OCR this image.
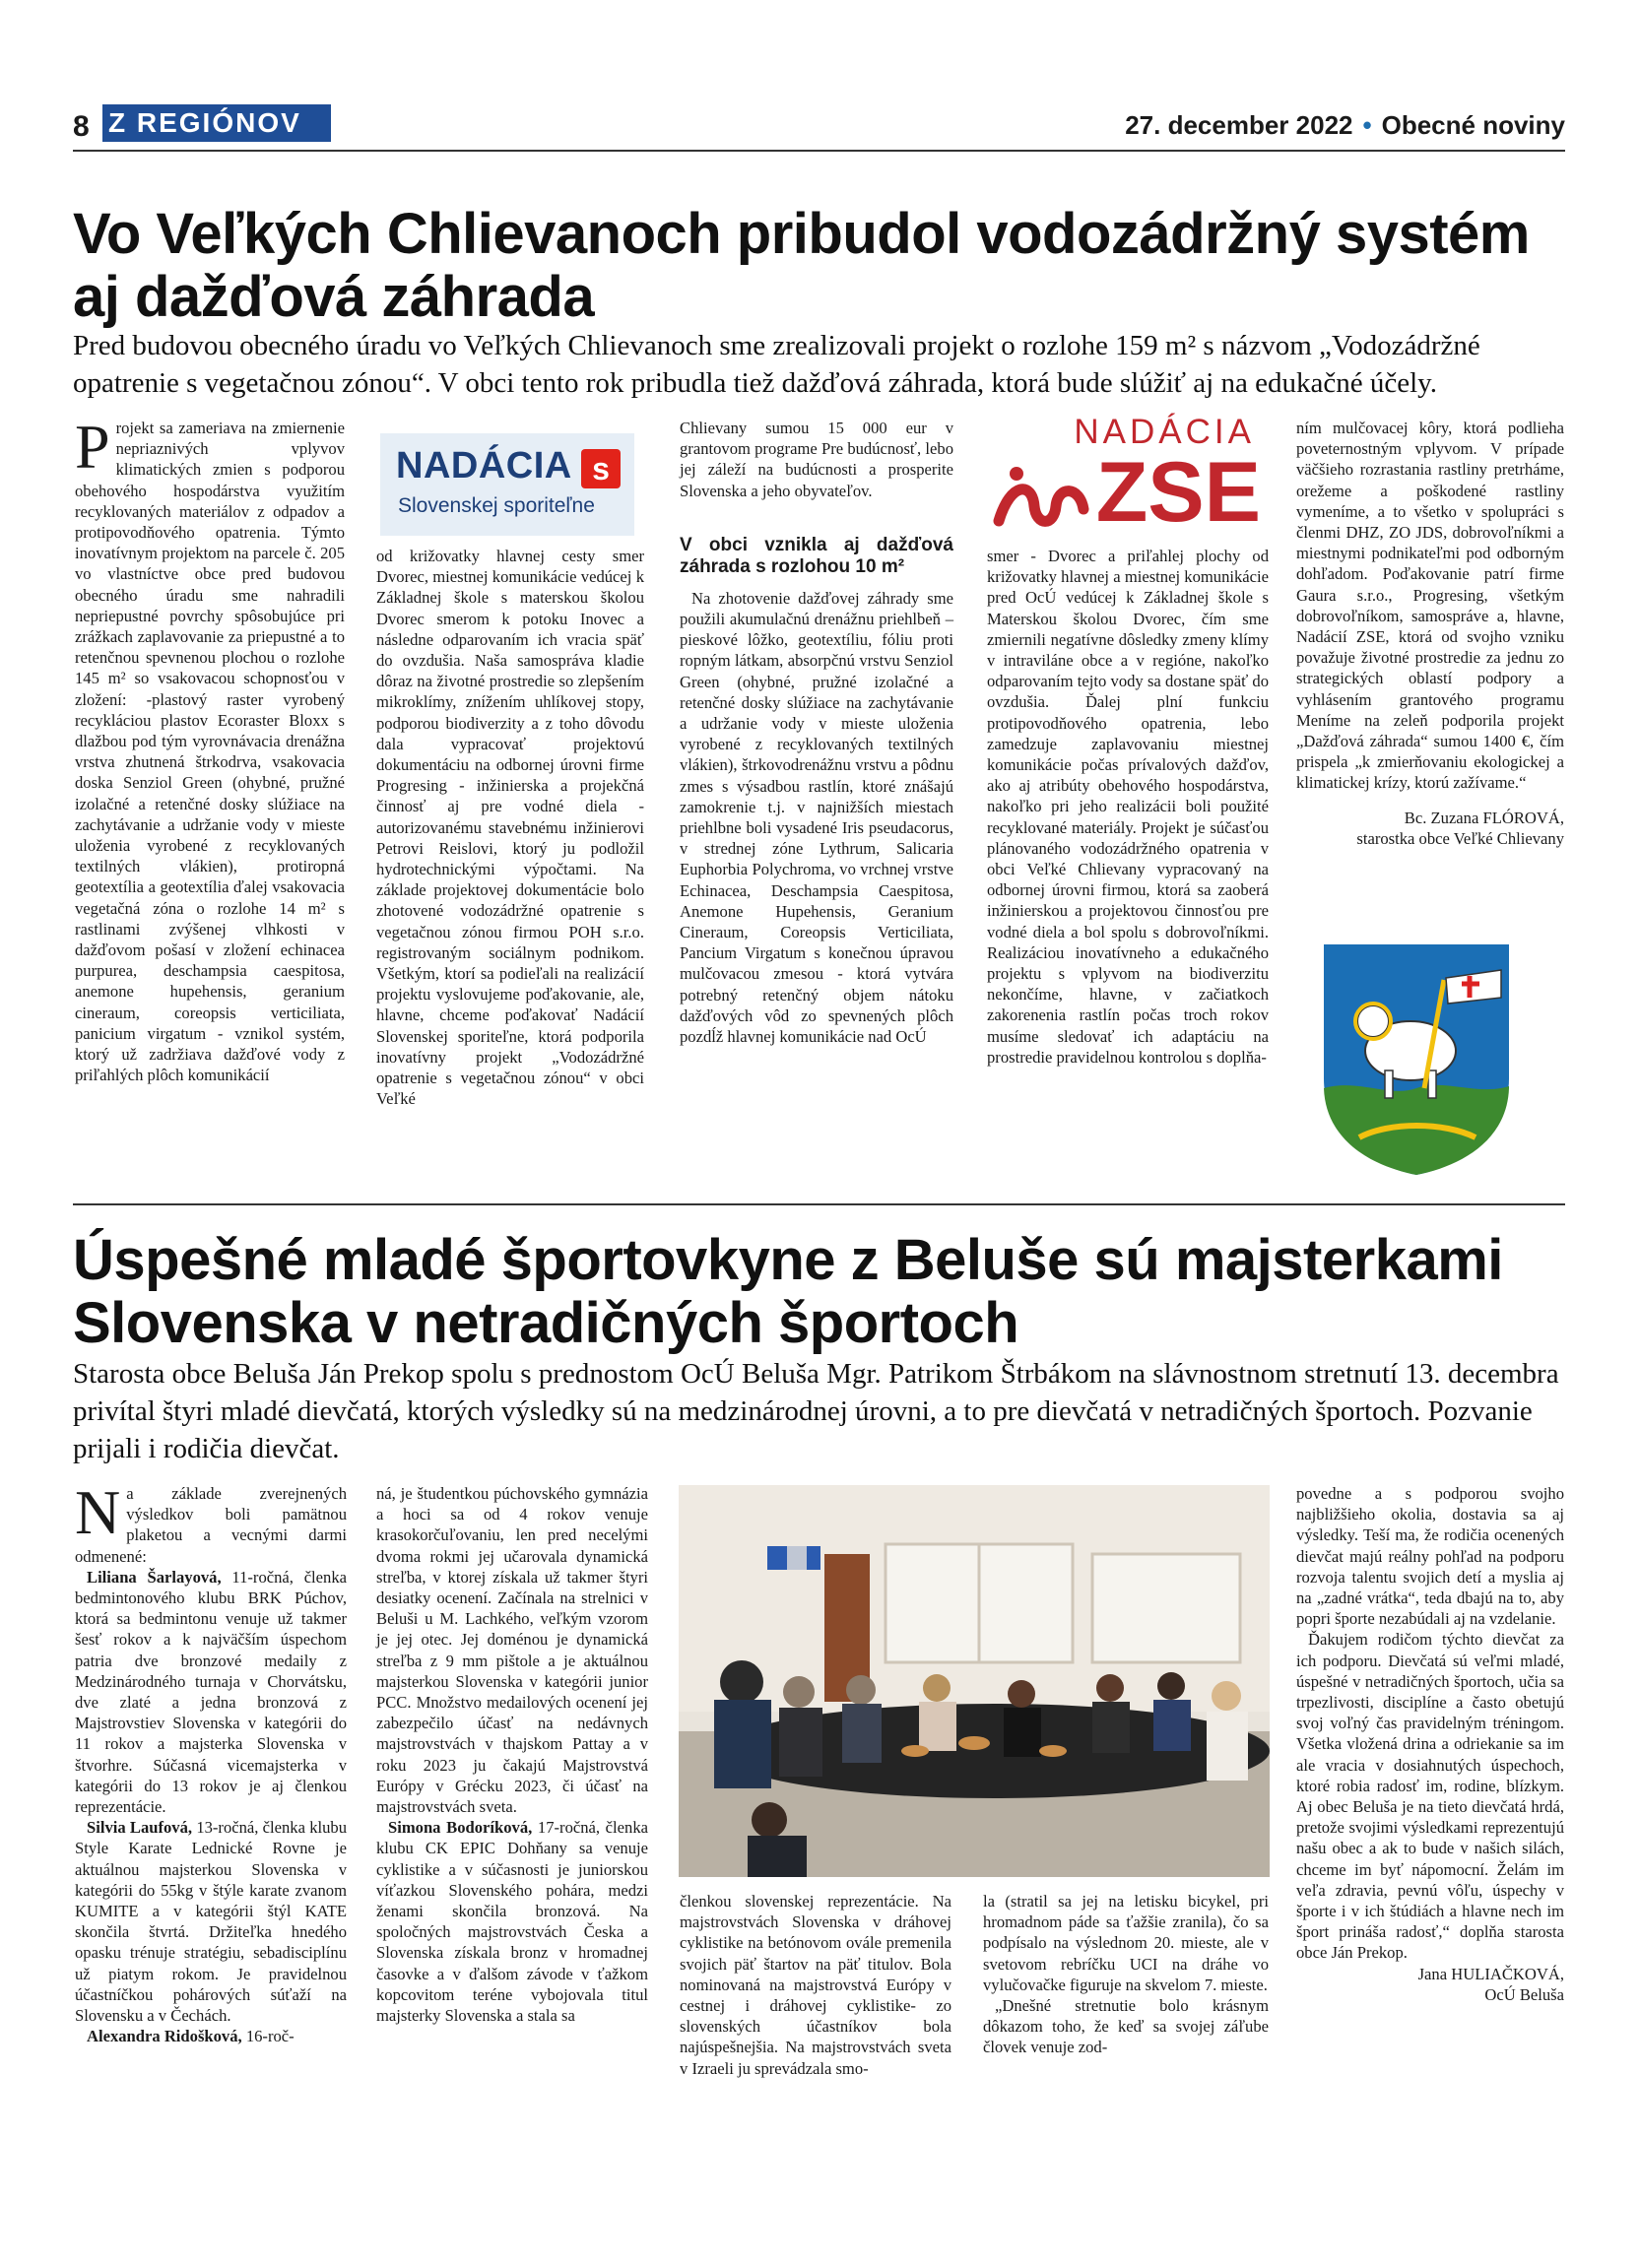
8 Z REGIÓNOV	27. december 2022 • Obecné noviny
Vo Veľkých Chlievanoch pribudol vodozádržný systém
aj dažďová záhrada

Pred budovou obecného úradu vo Veľkých Chlievanoch sme zrealizovali projekt o rozlohe 159 m² s názvom „Vodozádržné opatrenie s vegetačnou zónou“. V obci tento rok pribudla tiež dažďová záhrada, ktorá bude slúžiť aj na edukačné účely.

Projekt sa zameriava na zmiernenie nepriaznivých vplyvov klimatických zmien s podporou obehového hospodárstva využitím recyklovaných materiálov z odpadov a protipovodňového opatrenia. Týmto inovatívnym projektom na parcele č. 205 vo vlastníctve obce pred budovou obecného úradu sme nahradili nepriepustné povrchy spôsobujúce pri zrážkach zaplavovanie za priepustné a to retenčnou spevnenou plochou o rozlohe 145 m² so vsakovacou schopnosťou v zložení: -plastový raster vyrobený recykláciou plastov Ecoraster Bloxx s dlažbou pod tým vyrovnávacia drenážna vrstva zhutnená štrkodrva, vsakovacia doska Senziol Green (ohybné, pružné izolačné a retenčné dosky slúžiace na zachytávanie a udržanie vody v mieste uloženia vyrobené z recyklovaných textilných vlákien), protiropná geotextília a geotextília ďalej vsakovacia vegetačná zóna o rozlohe 14 m² s rastlinami zvýšenej vlhkosti v dažďovom pošasí v zložení echinacea purpurea, deschampsia caespitosa, anemone hupehensis, geranium cineraum, coreopsis verticiliata, panicium virgatum - vznikol systém, ktorý už zadržiava dažďové vody z priľahlých plôch komunikácií

NADÁCIA s
Slovenskej sporiteľne

od križovatky hlavnej cesty smer Dvorec, miestnej komunikácie vedúcej k Základnej škole s materskou školou Dvorec smerom k potoku Inovec a následne odparovaním ich vracia späť do ovzdušia. Naša samospráva kladie dôraz na životné prostredie so zlepšením mikroklímy, znížením uhlíkovej stopy, podporou biodiverzity a z toho dôvodu dala vypracovať projektovú dokumentáciu na odbornej úrovni firme Progresing - inžinierska a projekčná činnosť aj pre vodné diela - autorizovanému stavebnému inžinierovi Petrovi Reislovi, ktorý ju podložil hydrotechnickými výpočtami. Na základe projektovej dokumentácie bolo zhotovené vodozádržné opatrenie s vegetačnou zónou firmou POH s.r.o. registrovaným sociálnym podnikom. Všetkým, ktorí sa podieľali na realizácií projektu vyslovujeme poďakovanie, ale, hlavne, chceme poďakovať Nadácií Slovenskej sporiteľne, ktorá podporila inovatívny projekt „Vodozádržné opatrenie s vegetačnou zónou“ v obci Veľké

Chlievany sumou 15 000 eur v grantovom programe Pre budúcnosť, lebo jej záleží na budúcnosti a prosperite Slovenska a jeho obyvateľov.

V obci vznikla aj dažďová záhrada s rozlohou 10 m²

Na zhotovenie dažďovej záhrady sme použili akumulačnú drenážnu priehlbeň – pieskové lôžko, geotextíliu, fóliu proti ropným látkam, absorpčnú vrstvu Senziol Green (ohybné, pružné izolačné a retenčné dosky slúžiace na zachytávanie a udržanie vody v mieste uloženia vyrobené z recyklovaných textilných vlákien), štrkovodrenážnu vrstvu a pôdnu zmes s výsadbou rastlín, ktoré znášajú zamokrenie t.j. v najnižších miestach priehlbne boli vysadené Iris pseudacorus, v strednej zóne Lythrum, Salicaria Euphorbia Polychroma, vo vrchnej vrstve Echinacea, Deschampsia Caespitosa, Anemone Hupehensis, Geranium Cineraum, Coreopsis Verticiliata, Pancium Virgatum s konečnou úpravou mulčovacou zmesou - ktorá vytvára potrebný retenčný objem nátoku dažďových vôd zo spevnených plôch pozdĺž hlavnej komunikácie nad OcÚ

NADÁCIA
ZSE

smer - Dvorec a priľahlej plochy od križovatky hlavnej a miestnej komunikácie pred OcÚ vedúcej k Základnej škole s Materskou školou Dvorec, čím sme zmiernili negatívne dôsledky zmeny klímy v intraviláne obce a v regióne, nakoľko odparovaním tejto vody sa dostane späť do ovzdušia. Ďalej plní funkciu protipovodňového opatrenia, lebo zamedzuje zaplavovaniu miestnej komunikácie počas prívalových dažďov, ako aj atribúty obehového hospodárstva, nakoľko pri jeho realizácii boli použité recyklované materiály. Projekt je súčasťou plánovaného vodozádržného opatrenia v obci Veľké Chlievany vypracovaný na odbornej úrovni firmou, ktorá sa zaoberá inžinierskou a projektovou činnosťou pre vodné diela a bol spolu s dobrovoľníkmi. Realizáciou inovatívneho a edukačného projektu s vplyvom na biodiverzitu nekončíme, hlavne, v začiatkoch zakorenenia rastlín počas troch rokov musíme sledovať ich adaptáciu na prostredie pravidelnou kontrolou s doplňa-

ním mulčovacej kôry, ktorá podlieha poveternostným vplyvom. V prípade väčšieho rozrastania rastliny pretrháme, orežeme a poškodené rastliny vymeníme, a to všetko v spolupráci s členmi DHZ, ZO JDS, dobrovoľníkmi a miestnymi podnikateľmi pod odborným dohľadom. Poďakovanie patrí firme Gaura s.r.o., Progresing, všetkým dobrovoľníkom, samospráve a, hlavne, Nadácií ZSE, ktorá od svojho vzniku považuje životné prostredie za jednu zo strategických oblastí podpory a vyhlásením grantového programu Meníme na zeleň podporila projekt „Dažďová záhrada“ sumou 1400 €, čím prispela „k zmierňovaniu ekologickej a klimatickej krízy, ktorú zažívame.“

Bc. Zuzana FLÓROVÁ,
starostka obce Veľké Chlievany
Úspešné mladé športovkyne z Beluše sú majsterkami
Slovenska v netradičných športoch

Starosta obce Beluša Ján Prekop spolu s prednostom OcÚ Beluša Mgr. Patrikom Štrbákom na slávnostnom stretnutí 13. decembra privítal štyri mladé dievčatá, ktorých výsledky sú na medzinárodnej úrovni, a to pre dievčatá v netradičných športoch. Pozvanie prijali i rodičia dievčat.

Na základe zverejnených výsledkov boli pamätnou plaketou a vecnými darmi odmenené:

Liliana Šarlayová, 11-ročná, členka bedmintonového klubu BRK Púchov, ktorá sa bedmintonu venuje už takmer šesť rokov a k najväčším úspechom patria dve bronzové medaily z Medzinárodného turnaja v Chorvátsku, dve zlaté a jedna bronzová z Majstrovstiev Slovenska v kategórii do 11 rokov a majsterka Slovenska v štvorhre. Súčasná vicemajsterka v kategórii do 13 rokov je aj členkou reprezentácie.

Silvia Laufová, 13-ročná, členka klubu Style Karate Lednické Rovne je aktuálnou majsterkou Slovenska v kategórii do 55kg v štýle karate zvanom KUMITE a v kategórii štýl KATE skončila štvrtá. Držiteľka hnedého opasku trénuje stratégiu, sebadisciplínu už piatym rokom. Je pravidelnou účastníčkou pohárových súťaží na Slovensku a v Čechách.

Alexandra Ridošková, 16-roč-

ná, je študentkou púchovského gymnázia a hoci sa od 4 rokov venuje krasokorčuľovaniu, len pred necelými dvoma rokmi jej učarovala dynamická streľba, v ktorej získala už takmer štyri desiatky ocenení. Začínala na strelnici v Beluši u M. Lachkého, veľkým vzorom je jej otec. Jej doménou je dynamická streľba z 9 mm pištole a je aktuálnou majsterkou Slovenska v kategórii junior PCC. Množstvo medailových ocenení jej zabezpečilo účasť na nedávnych majstrovstvách v thajskom Pattay a v roku 2023 ju čakajú Majstrovstvá Európy v Grécku 2023, či účasť na majstrovstvách sveta.

Simona Bodoríková, 17-ročná, členka klubu CK EPIC Dohňany sa venuje cyklistike a v súčasnosti je juniorskou víťazkou Slovenského pohára, medzi ženami skončila bronzová. Na spoločných majstrovstvách Česka a Slovenska získala bronz v hromadnej časovke a v ďalšom závode v ťažkom kopcovitom teréne vybojovala titul majsterky Slovenska a stala sa

členkou slovenskej reprezentácie. Na majstrovstvách Slovenska v dráhovej cyklistike na betónovom ovále premenila svojich päť štartov na päť titulov. Bola nominovaná na majstrovstvá Európy v cestnej i dráhovej cyklistike- zo slovenských účastníkov bola najúspešnejšia. Na majstrovstvách sveta v Izraeli ju sprevádzala smo-

la (stratil sa jej na letisku bicykel, pri hromadnom páde sa ťažšie zranila), čo sa podpísalo na výslednom 20. mieste, ale v svetovom rebríčku UCI na dráhe vo vylučovačke figuruje na skvelom 7. mieste.

„Dnešné stretnutie bolo krásnym dôkazom toho, že keď sa svojej záľube človek venuje zod-

povedne a s podporou svojho najbližšieho okolia, dostavia sa aj výsledky. Teší ma, že rodičia ocenených dievčat majú reálny pohľad na podporu rozvoja talentu svojich detí a myslia aj na „zadné vrátka“, teda dbajú na to, aby popri športe nezabúdali aj na vzdelanie.

Ďakujem rodičom týchto dievčat za ich podporu. Dievčatá sú veľmi mladé, úspešné v netradičných športoch, učia sa trpezlivosti, disciplíne a často obetujú svoj voľný čas pravidelným tréningom. Všetka vložená drina a odriekanie sa im ale vracia v dosiahnutých úspechoch, ktoré robia radosť im, rodine, blízkym. Aj obec Beluša je na tieto dievčatá hrdá, pretože svojimi výsledkami reprezentujú našu obec a ak to bude v našich silách, chceme im byť nápomocní. Želám im veľa zdravia, pevnú vôľu, úspechy v športe i v ich štúdiách a hlavne nech im šport prináša radosť,“ doplňa starosta obce Ján Prekop.

Jana HULIAČKOVÁ,
OcÚ Beluša
